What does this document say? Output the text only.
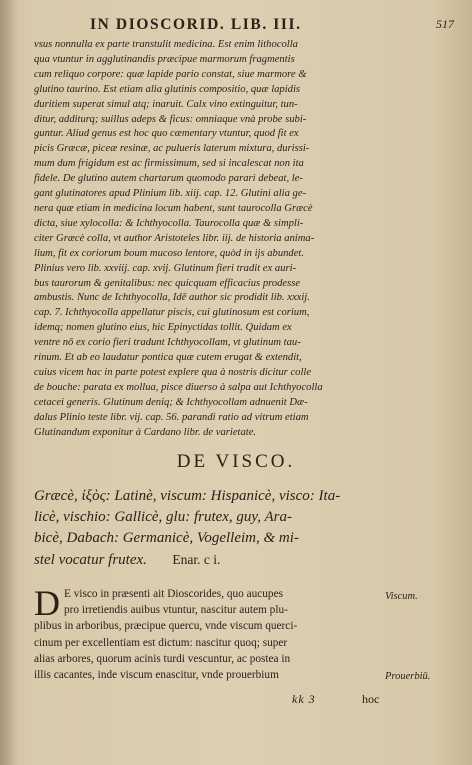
IN DIOSCORID. LIB. III.	517
vsus nonnulla ex parte transtulit medicina. Est enim lithocolla
qua vtuntur in agglutinandis præcipue marmorum fragmentis
cum reliquo corpore: quæ lapide pario constat, siue marmore &
glutino taurino. Est etiam alia glutinis compositio, quæ lapidis
duritiem superat simul atq; inaruit. Calx vino extinguitur, tun-
ditur, additurq; suillus adeps & ficus: omniaque vnà probe subi-
guntur. Aliud genus est hoc quo cæmentary vtuntur, quod fit ex
picis Græcæ, piceæ resinæ, ac pulueris laterum mixtura, durissi-
mum dum frigidum est ac firmissimum, sed si incalescat non ita
fidele. De glutino autem chartarum quomodo parari debeat, le-
gant glutinatores apud Plinium lib. xiij. cap. 12. Glutini alia ge-
nera quæ etiam in medicina locum habent, sunt taurocolla Græcè
dicta, siue xylocolla: & Ichthyocolla. Taurocolla quæ & simpli-
citer Græcè colla, vt author Aristoteles libr. iij. de historia anima-
lium, fit ex coriorum boum mucoso lentore, quòd in ijs abundet.
Plinius vero lib. xxviij. cap. xvij. Glutinum fieri tradit ex auri-
bus taurorum & genitalibus: nec quicquam efficacius prodesse
ambustis. Nunc de Ichthyocolla, Idē author sic prodidit lib. xxxij.
cap. 7. Ichthyocolla appellatur piscis, cui glutinosum est corium,
idemq; nomen glutino eius, hic Epinyctidas tollit. Quidam ex
ventre nō ex corio fieri tradunt Ichthyocollam, vt glutinum tau-
rinum. Et ab eo laudatur pontica quæ cutem erugat & extendit,
cuius vicem hac in parte potest explere qua à nostris dicitur colle
de bouche: parata ex mollua, pisce diuerso à salpa aut Ichthyocolla
cetacei generis. Glutinum deniq; & Ichthyocollam adnuenit Dæ-
dalus Plinio teste libr. vij. cap. 56. parandi ratio ad vitrum etiam
Glutinandum exponitur à Cardano libr. de varietate.
DE VISCO.
Græcè, ἰξὸς: Latinè, viscum: Hispanicè, visco: Ita-
licè, vischio: Gallicè, glu: frutex, guy, Ara-
bicè, Dabach: Germanicè, Vogelleim, & mi-
stel vocatur frutex. Enar. c i.
D E visco in præsenti ait Dioscorides, quo aucupes
pro irretiendis auibus vtuntur, nascitur autem plu-
plibus in arboribus, præcipue quercu, vnde viscum querci-
cinum per excellentiam est dictum: nascitur quoq; super
alias arbores, quorum acinis turdi vescuntur, ac postea in
illis cacantes, inde viscum enascitur, vnde prouerbium
Viscum.
Prouerbiū.
kk 3	hoc
